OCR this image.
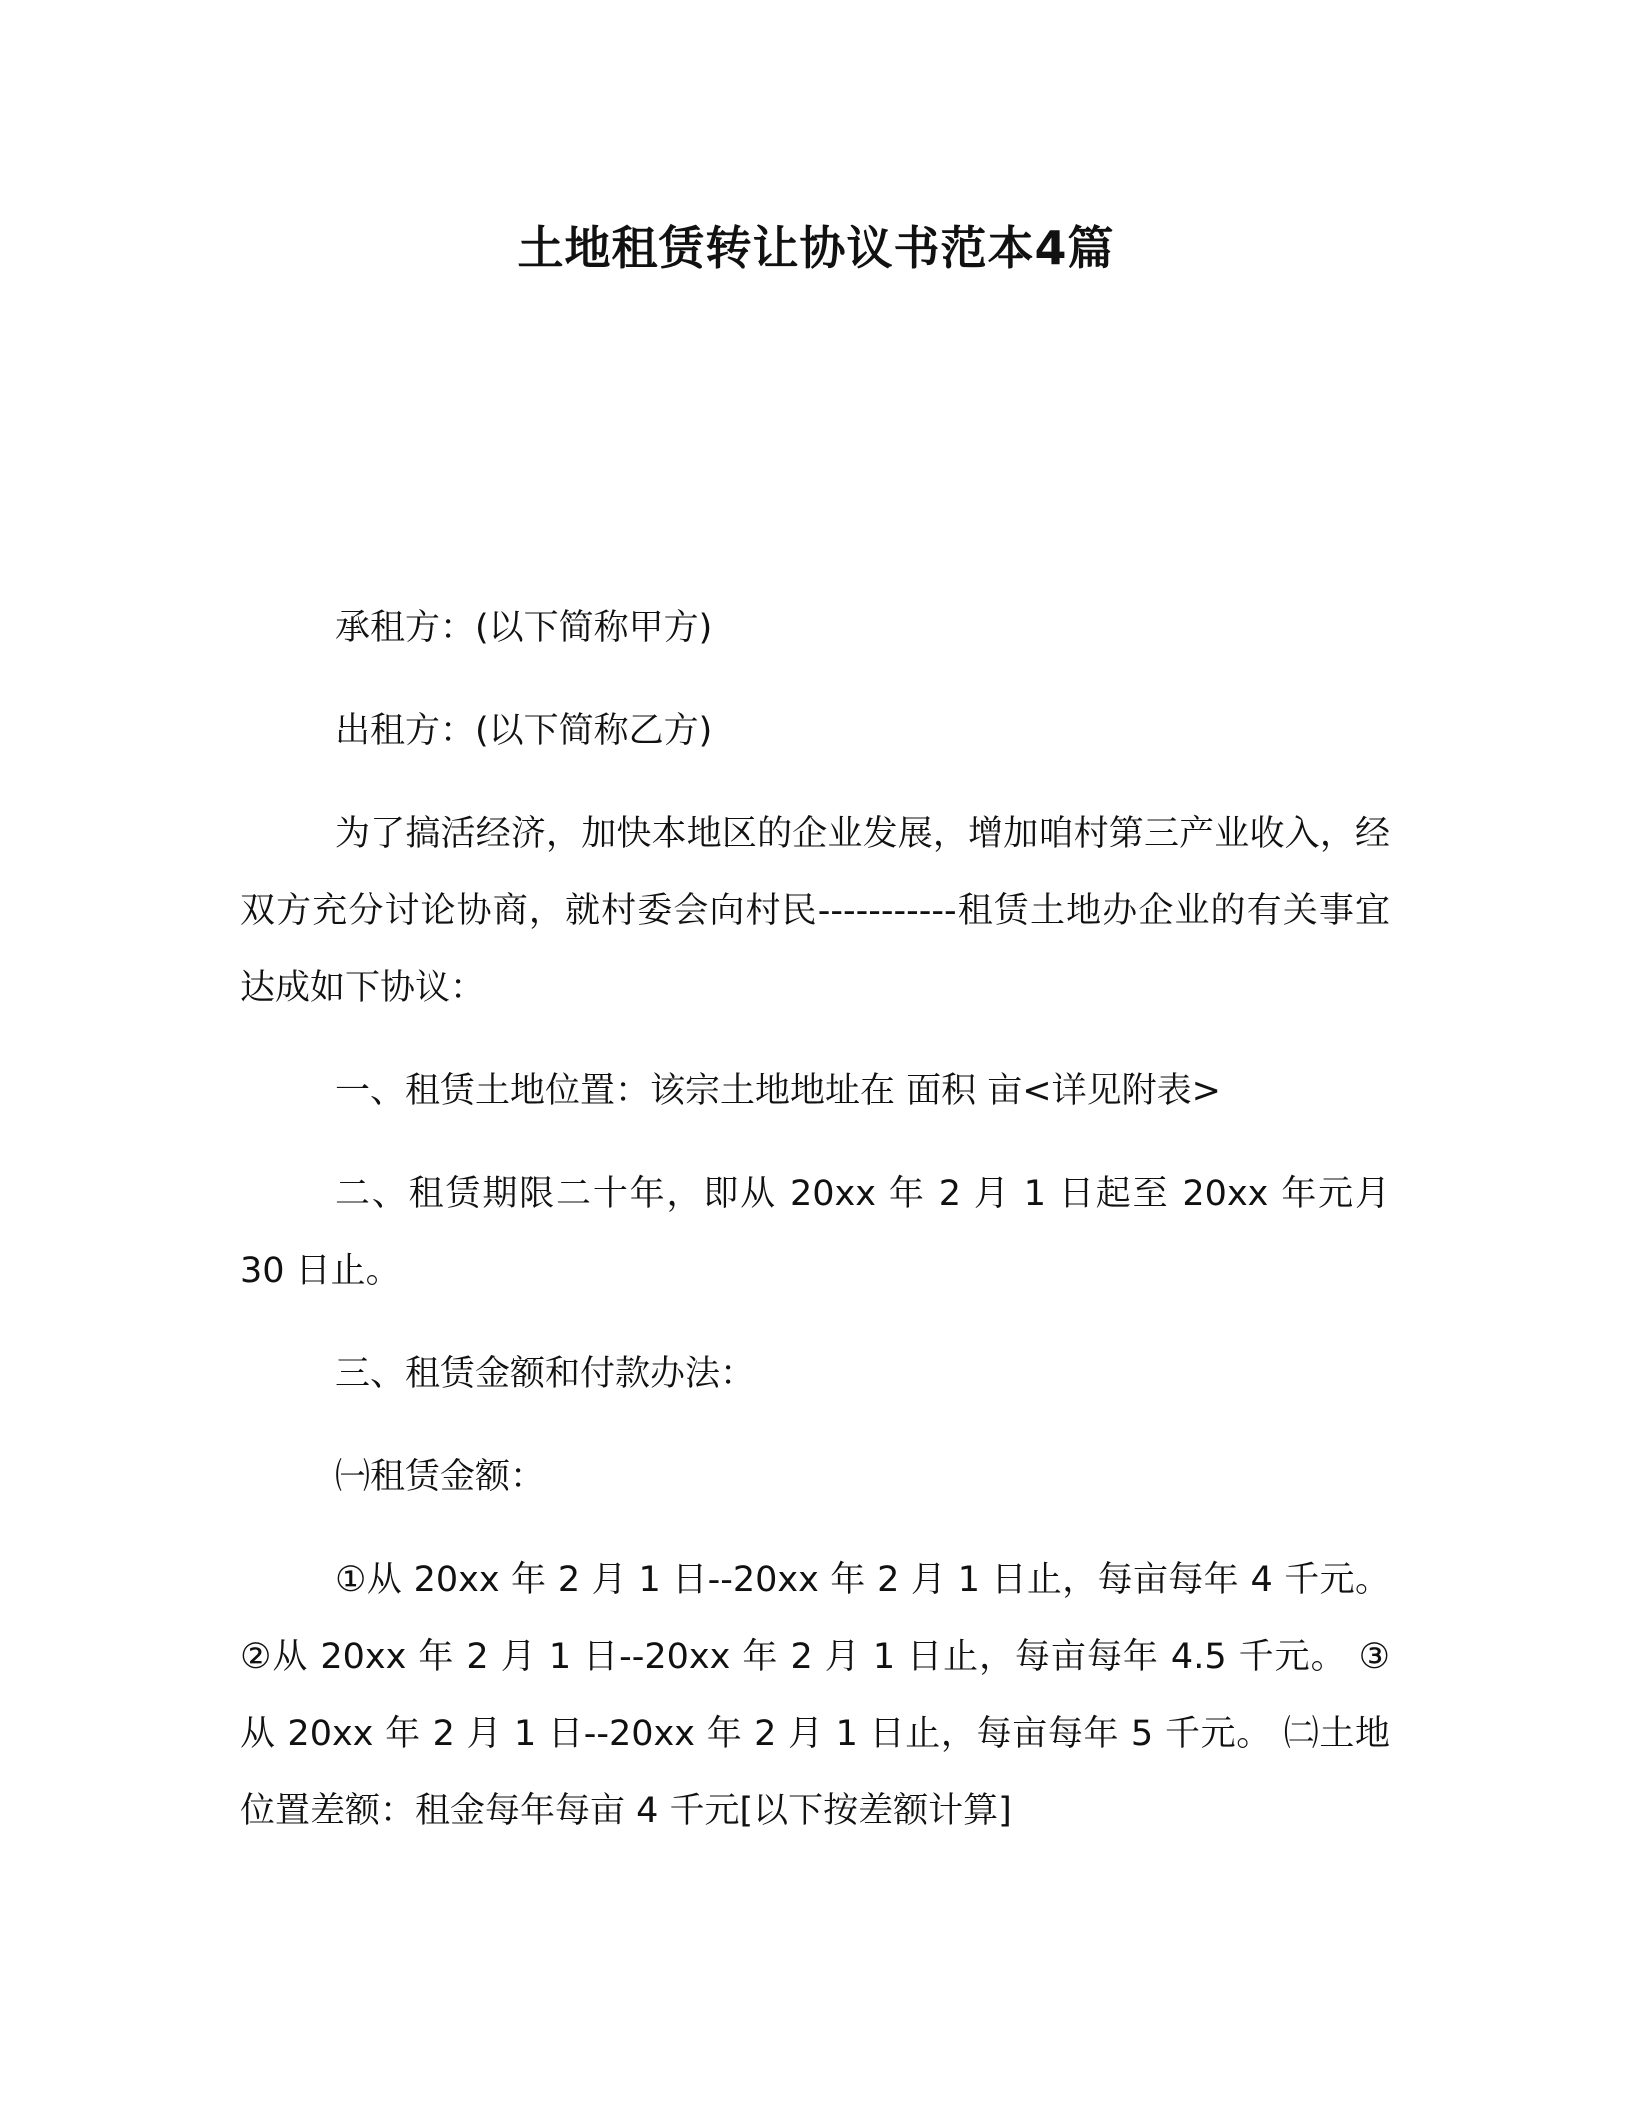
土地租赁转让协议书范本4篇

承租方：(以下简称甲方)

出租方：(以下简称乙方)

为了搞活经济，加快本地区的企业发展，增加咱村第三产业收入，经双方充分讨论协商，就村委会向村民-----------租赁土地办企业的有关事宜达成如下协议：

一、租赁土地位置：该宗土地地址在 面积 亩<详见附表>

二、租赁期限二十年，即从 20xx 年 2 月 1 日起至 20xx 年元月 30 日止。

三、租赁金额和付款办法：

㈠租赁金额：

①从 20xx 年 2 月 1 日--20xx 年 2 月 1 日止，每亩每年 4 千元。②从 20xx 年 2 月 1 日--20xx 年 2 月 1 日止，每亩每年 4.5 千元。 ③从 20xx 年 2 月 1 日--20xx 年 2 月 1 日止，每亩每年 5 千元。 ㈡土地位置差额：租金每年每亩 4 千元[以下按差额计算]
